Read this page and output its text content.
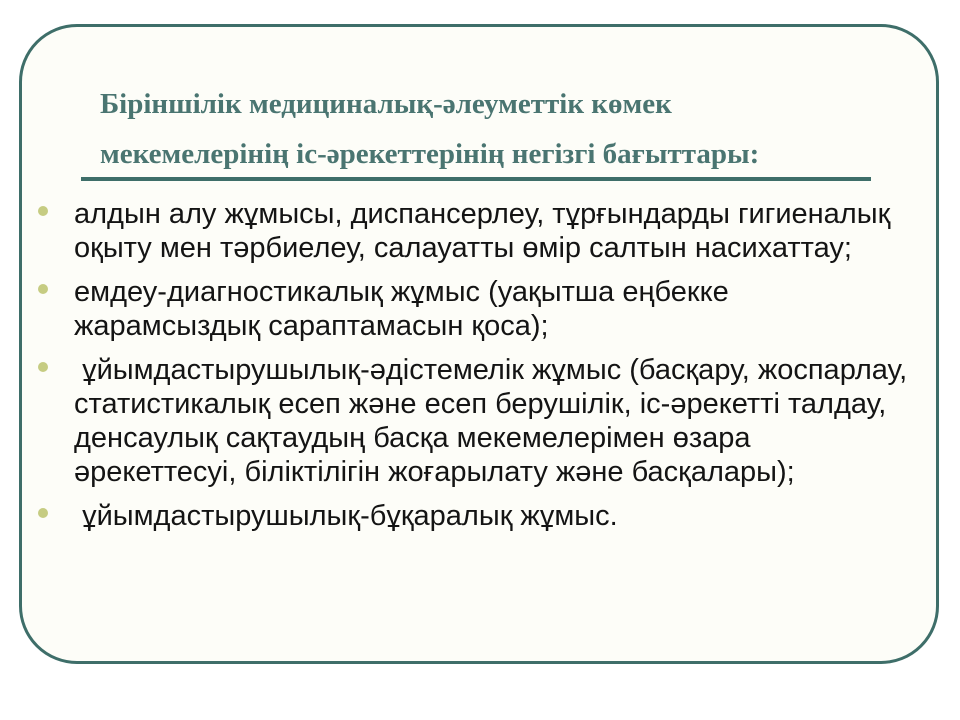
Біріншілік медициналық-әлеуметтік көмек
мекемелерінің іс-әрекеттерінің негізгі бағыттары:
алдын алу жұмысы, диспансерлеу, тұрғындарды гигиеналық оқыту мен тәрбиелеу, салауатты өмір салтын насихаттау;
емдеу-диагностикалық жұмыс (уақытша еңбекке жарамсыздық сараптамасын қоса);
ұйымдастырушылық-әдістемелік жұмыс (басқару, жоспарлау, статистикалық есеп және есеп берушілік, іс-әрекетті талдау, денсаулық сақтаудың басқа мекемелерімен өзара әрекеттесуі, біліктілігін жоғарылату және басқалары);
ұйымдастырушылық-бұқаралық жұмыс.
